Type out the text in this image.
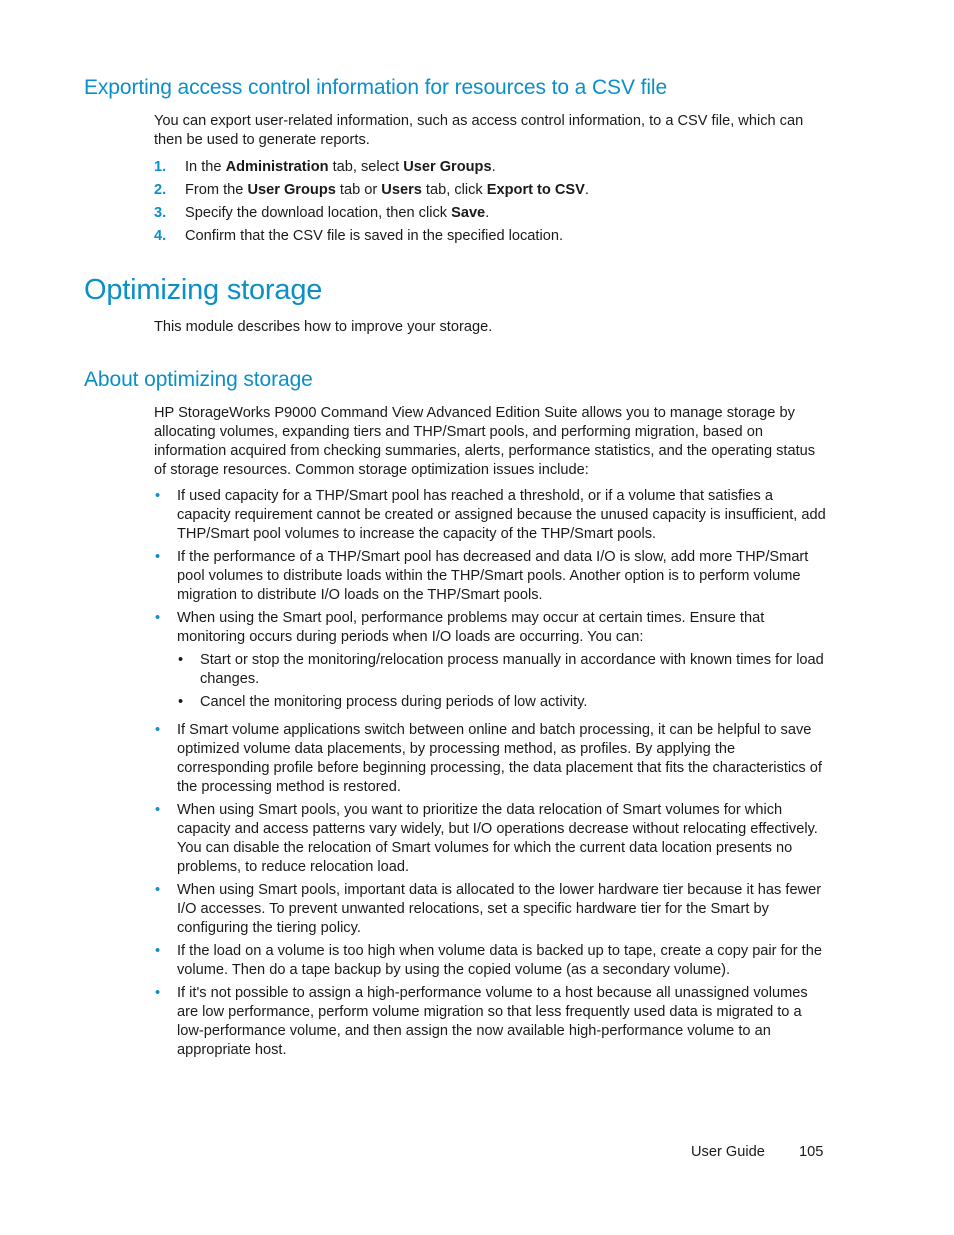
Exporting access control information for resources to a CSV file

You can export user-related information, such as access control information, to a CSV file, which can then be used to generate reports.

1. In the Administration tab, select User Groups.
2. From the User Groups tab or Users tab, click Export to CSV.
3. Specify the download location, then click Save.
4. Confirm that the CSV file is saved in the specified location.
Optimizing storage

This module describes how to improve your storage.

About optimizing storage

HP StorageWorks P9000 Command View Advanced Edition Suite allows you to manage storage by allocating volumes, expanding tiers and THP/Smart pools, and performing migration, based on information acquired from checking summaries, alerts, performance statistics, and the operating status of storage resources. Common storage optimization issues include:

• If used capacity for a THP/Smart pool has reached a threshold, or if a volume that satisfies a capacity requirement cannot be created or assigned because the unused capacity is insufficient, add THP/Smart pool volumes to increase the capacity of the THP/Smart pools.
• If the performance of a THP/Smart pool has decreased and data I/O is slow, add more THP/Smart pool volumes to distribute loads within the THP/Smart pools. Another option is to perform volume migration to distribute I/O loads on the THP/Smart pools.
• When using the Smart pool, performance problems may occur at certain times. Ensure that monitoring occurs during periods when I/O loads are occurring. You can:
• Start or stop the monitoring/relocation process manually in accordance with known times for load changes.
• Cancel the monitoring process during periods of low activity.
• If Smart volume applications switch between online and batch processing, it can be helpful to save optimized volume data placements, by processing method, as profiles. By applying the corresponding profile before beginning processing, the data placement that fits the characteristics of the processing method is restored.
• When using Smart pools, you want to prioritize the data relocation of Smart volumes for which capacity and access patterns vary widely, but I/O operations decrease without relocating effectively. You can disable the relocation of Smart volumes for which the current data location presents no problems, to reduce relocation load.
• When using Smart pools, important data is allocated to the lower hardware tier because it has fewer I/O accesses. To prevent unwanted relocations, set a specific hardware tier for the Smart by configuring the tiering policy.
• If the load on a volume is too high when volume data is backed up to tape, create a copy pair for the volume. Then do a tape backup by using the copied volume (as a secondary volume).
• If it's not possible to assign a high-performance volume to a host because all unassigned volumes are low performance, perform volume migration so that less frequently used data is migrated to a low-performance volume, and then assign the now available high-performance volume to an appropriate host.
User Guide 105
